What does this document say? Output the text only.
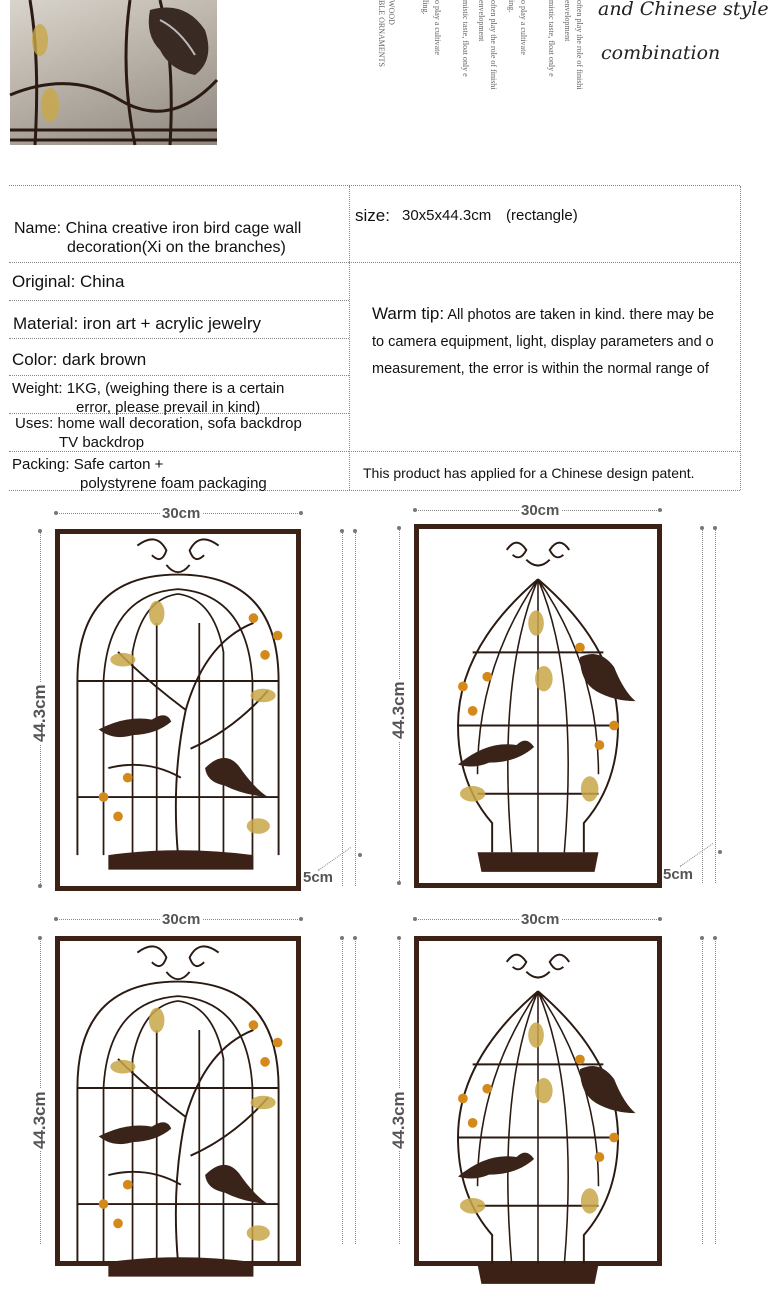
WOOD
BLE ORNAMENTS	ling. o play a cultivate mistic taste, float only e often play the role of finishi
envelopment	ing. o play a cultivate mistic taste, float only e often play the role of finishi
envelopment and Chinese style
combination
Name: China creative iron bird cage wall
decoration(Xi on the branches)
size: 30x5x44.3cm (rectangle)
Original: China
Material: iron art + acrylic jewelry
Color: dark brown
Weight: 1KG, (weighing there is a certain
error, please prevail in kind)
Uses: home wall decoration, sofa backdrop
TV backdrop
Packing: Safe carton +
polystyrene foam packaging
This product has applied for a Chinese design patent.
Warm tip: All photos are taken in kind. there may be
to camera equipment, light, display parameters and o
measurement, the error is within the normal range of
30cm
44.3cm
5cm
30cm
44.3cm
5cm
30cm
44.3cm
30cm
44.3cm
